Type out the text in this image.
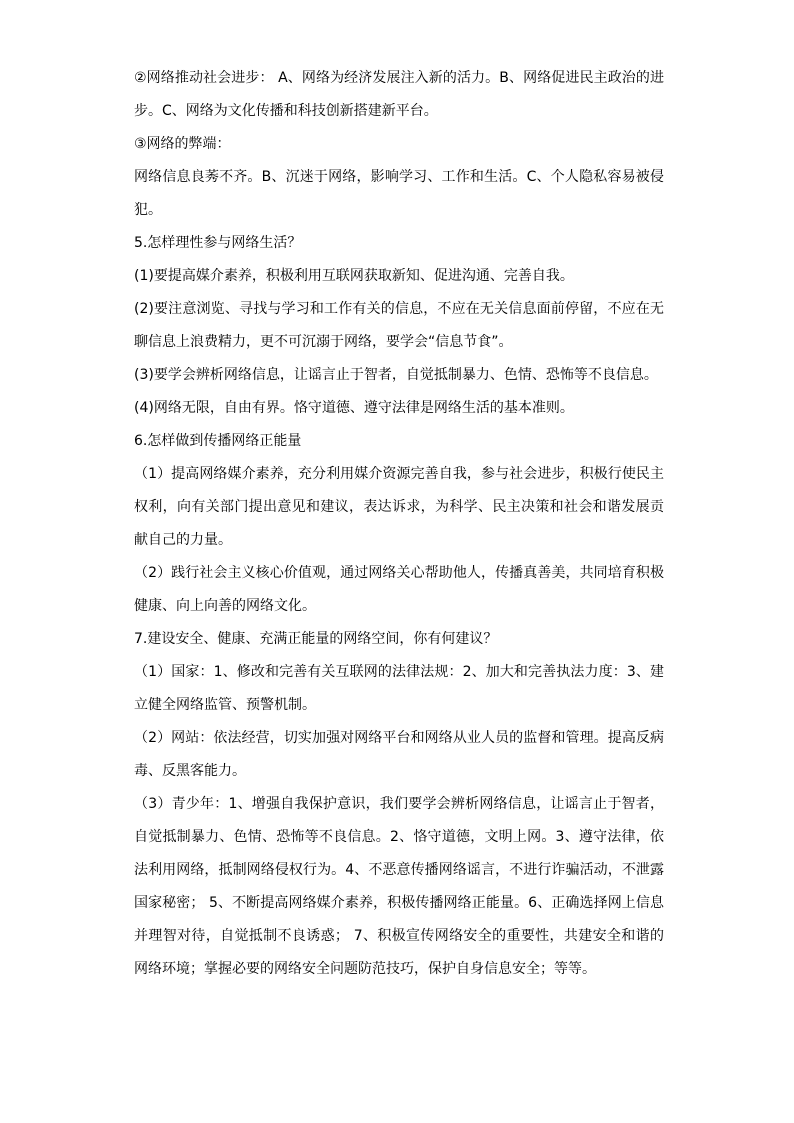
②网络推动社会进步： A、网络为经济发展注入新的活力。B、网络促进民主政治的进步。C、网络为文化传播和科技创新搭建新平台。

③网络的弊端：

网络信息良莠不齐。B、沉迷于网络，影响学习、工作和生活。C、个人隐私容易被侵犯。

5.怎样理性参与网络生活？

(1)要提高媒介素养，积极利用互联网获取新知、促进沟通、完善自我。

(2)要注意浏览、寻找与学习和工作有关的信息，不应在无关信息面前停留，不应在无聊信息上浪费精力，更不可沉溺于网络，要学会“信息节食”。

(3)要学会辨析网络信息，让谣言止于智者，自觉抵制暴力、色情、恐怖等不良信息。

(4)网络无限，自由有界。恪守道德、遵守法律是网络生活的基本准则。

6.怎样做到传播网络正能量

（1）提高网络媒介素养，充分利用媒介资源完善自我，参与社会进步，积极行使民主权利，向有关部门提出意见和建议，表达诉求，为科学、民主决策和社会和谐发展贡献自己的力量。

（2）践行社会主义核心价值观，通过网络关心帮助他人，传播真善美，共同培育积极健康、向上向善的网络文化。

7.建设安全、健康、充满正能量的网络空间，你有何建议？

（1）国家：1、修改和完善有关互联网的法律法规：2、加大和完善执法力度：3、建立健全网络监管、预警机制。

（2）网站：依法经营，切实加强对网络平台和网络从业人员的监督和管理。提高反病毒、反黑客能力。

（3）青少年：1、增强自我保护意识，我们要学会辨析网络信息，让谣言止于智者，自觉抵制暴力、色情、恐怖等不良信息。2、恪守道德，文明上网。3、遵守法律，依法利用网络，抵制网络侵权行为。4、不恶意传播网络谣言，不进行诈骗活动，不泄露国家秘密； 5、不断提高网络媒介素养，积极传播网络正能量。6、正确选择网上信息并理智对待，自觉抵制不良诱惑； 7、积极宣传网络安全的重要性，共建安全和谐的网络环境；掌握必要的网络安全问题防范技巧，保护自身信息安全；等等。
